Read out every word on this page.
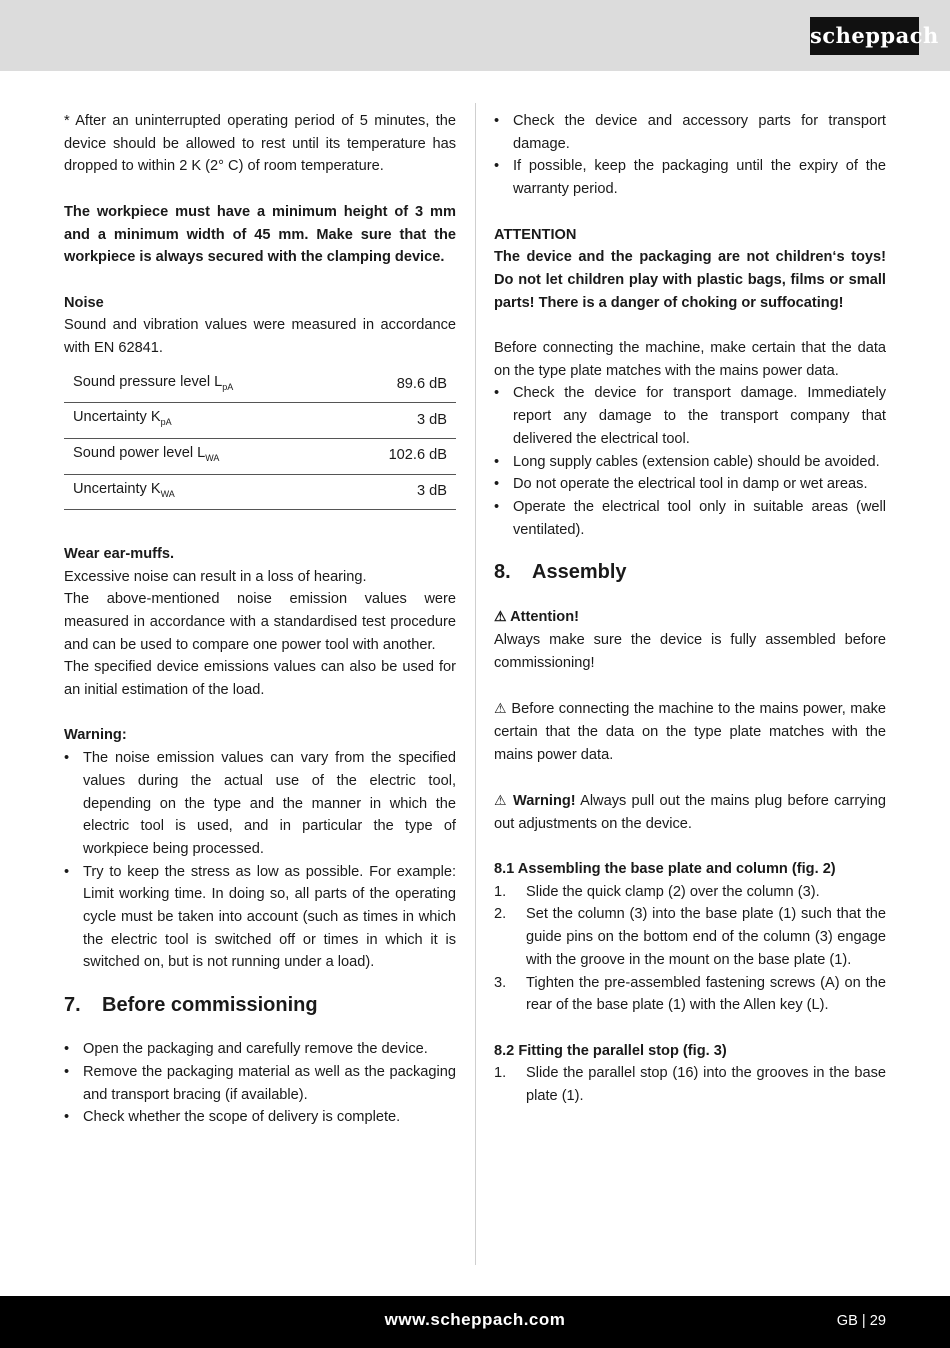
scheppach

* After an uninterrupted operating period of 5 minutes, the device should be allowed to rest until its temperature has dropped to within 2 K (2° C) of room temperature.

The workpiece must have a minimum height of 3 mm and a minimum width of 45 mm. Make sure that the workpiece is always secured with the clamping device.

Noise

Sound and vibration values were measured in accordance with EN 62841.

Sound pressure level $L_{pA}$	89.6 dB
Uncertainty $K_{pA}$	3 dB
Sound power level $L_{WA}$	102.6 dB
Uncertainty $K_{WA}$	3 dB

Wear ear-muffs.

Excessive noise can result in a loss of hearing.

The above-mentioned noise emission values were measured in accordance with a standardised test procedure and can be used to compare one power tool with another.

The specified device emissions values can also be used for an initial estimation of the load.

Warning:

• The noise emission values can vary from the specified values during the actual use of the electric tool, depending on the type and the manner in which the electric tool is used, and in particular the type of workpiece being processed.
• Try to keep the stress as low as possible. For example: Limit working time. In doing so, all parts of the operating cycle must be taken into account (such as times in which the electric tool is switched off or times in which it is switched on, but is not running under a load).
7. Before commissioning
• Open the packaging and carefully remove the device.
• Remove the packaging material as well as the packaging and transport bracing (if available).
• Check whether the scope of delivery is complete.
• Check the device and accessory parts for transport damage.
• If possible, keep the packaging until the expiry of the warranty period.

ATTENTION

The device and the packaging are not children‘s toys! Do not let children play with plastic bags, films or small parts! There is a danger of choking or suffocating!

Before connecting the machine, make certain that the data on the type plate matches with the mains power data.

• Check the device for transport damage. Immediately report any damage to the transport company that delivered the electrical tool.
• Long supply cables (extension cable) should be avoided.
• Do not operate the electrical tool in damp or wet areas.
• Operate the electrical tool only in suitable areas (well ventilated).
8. Assembly

⚠ Attention!

Always make sure the device is fully assembled before commissioning!

⚠ Before connecting the machine to the mains power, make certain that the data on the type plate matches with the mains power data.

⚠ Warning! Always pull out the mains plug before carrying out adjustments on the device.

8.1 Assembling the base plate and column (fig. 2)

1. Slide the quick clamp (2) over the column (3).
2. Set the column (3) into the base plate (1) such that the guide pins on the bottom end of the column (3) engage with the groove in the mount on the base plate (1).
3. Tighten the pre-assembled fastening screws (A) on the rear of the base plate (1) with the Allen key (L).

8.2 Fitting the parallel stop (fig. 3)

1. Slide the parallel stop (16) into the grooves in the base plate (1).
www.scheppach.com	GB | 29
